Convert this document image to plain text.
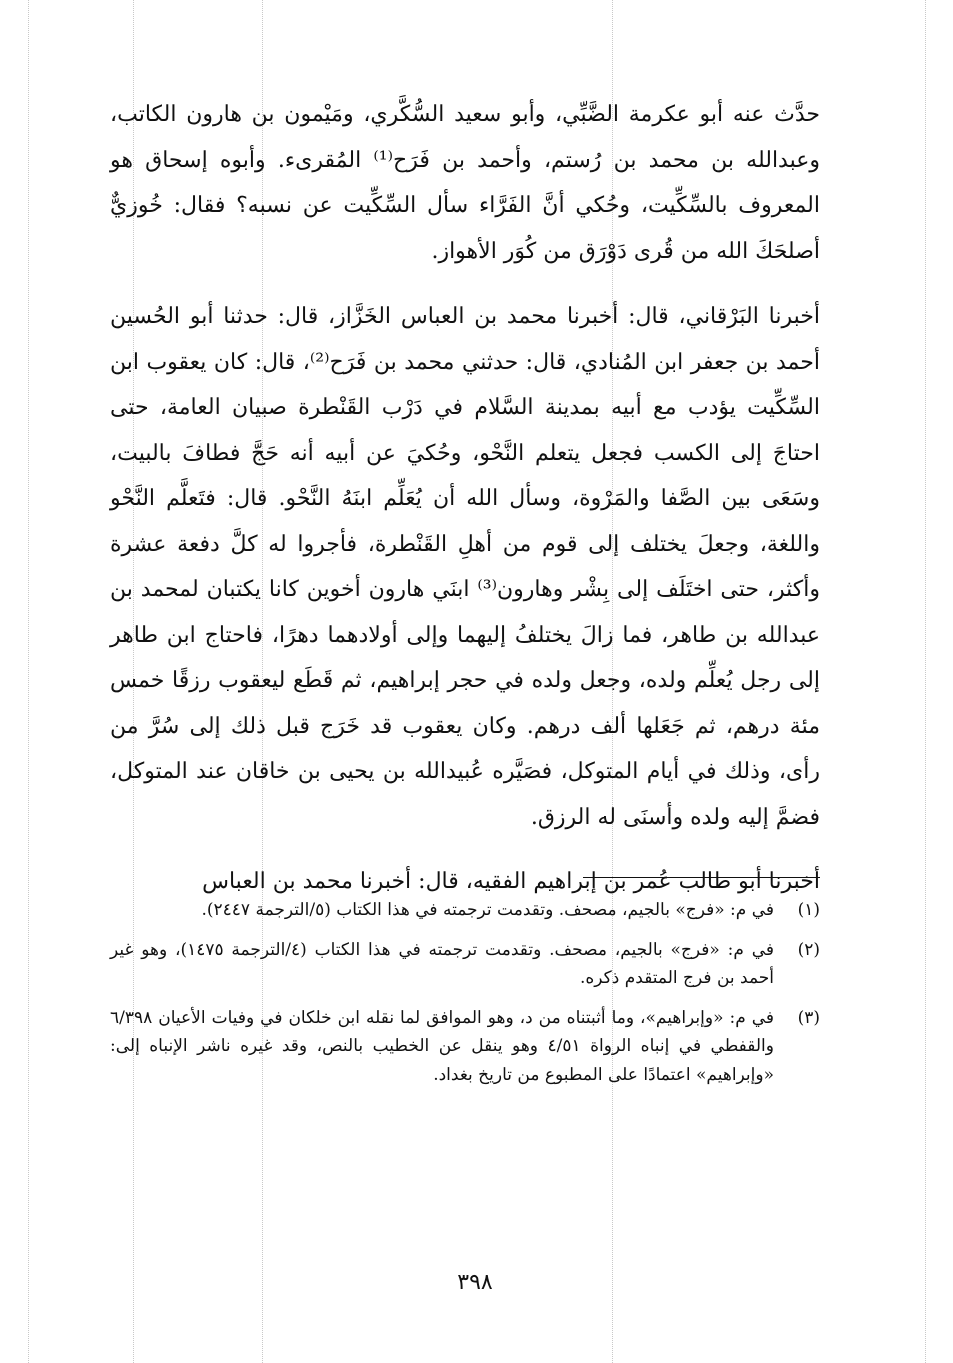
حدَّث عنه أبو عكرمة الضَّبِّي، وأبو سعيد السُّكَّري، ومَيْمون بن هارون الكاتب، وعبدالله بن محمد بن رُستم، وأحمد بن فَرَح⁽¹⁾ المُقرىء. وأبوه إسحاق هو المعروف بالسِّكِّيت، وحُكي أنَّ الفَرَّاء سأل السِّكِّيت عن نسبه؟ فقال: خُوزيٌّ أصلحَكَ الله من قُرى دَوْرَق من كُوَر الأهواز.

أخبرنا البَرْقاني، قال: أخبرنا محمد بن العباس الخَزَّاز، قال: حدثنا أبو الحُسين أحمد بن جعفر ابن المُنادي، قال: حدثني محمد بن فَرَح⁽²⁾، قال: كان يعقوب ابن السِّكِّيت يؤدب مع أبيه بمدينة السَّلام في دَرْب القَنْطرة صبيان العامة، حتى احتاجَ إلى الكسب فجعل يتعلم النَّحْو، وحُكيَ عن أبيه أنه حَجَّ فطافَ بالبيت، وسَعَى بين الصَّفا والمَرْوة، وسأل الله أن يُعَلِّم ابنَهُ النَّحْو. قال: فتَعلَّم النَّحْو واللغة، وجعلَ يختلف إلى قوم من أهلِ القَنْطرة، فأجروا له كلَّ دفعة عشرة وأكثر، حتى اختَلَف إلى بِشْر وهارون⁽³⁾ ابنَي هارون أخوين كانا يكتبان لمحمد بن عبدالله بن طاهر، فما زالَ يختلفُ إليهما وإلى أولادهما دهرًا، فاحتاج ابن طاهر إلى رجل يُعلِّم ولده، وجعل ولده في حجر إبراهيم، ثم قَطَع ليعقوب رزقًا خمس مئة درهم، ثم جَعَلها ألف درهم. وكان يعقوب قد خَرَج قبل ذلك إلى سُرَّ من رأى، وذلك في أيام المتوكل، فصَيَّره عُبيدالله بن يحيى بن خاقان عند المتوكل، فضمَّ إليه ولده وأسنَى له الرزق.

أخبرنا أبو طالب عُمر بن إبراهيم الفقيه، قال: أخبرنا محمد بن العباس

(١)
في م: «فرج» بالجيم، مصحف. وتقدمت ترجمته في هذا الكتاب (٥/الترجمة ٢٤٤٧).
(٢)
في م: «فرج» بالجيم، مصحف. وتقدمت ترجمته في هذا الكتاب (٤/الترجمة ١٤٧٥)، وهو غير أحمد بن فرج المتقدم ذكره.
(٣)
في م: «وإبراهيم»، وما أثبتناه من د، وهو الموافق لما نقله ابن خلكان في وفيات الأعيان ٦/٣٩٨ والقفطي في إنباه الرواة ٤/٥١ وهو ينقل عن الخطيب بالنص، وقد غيره ناشر الإنباه إلى: «وإبراهيم» اعتمادًا على المطبوع من تاريخ بغداد.
٣٩٨
